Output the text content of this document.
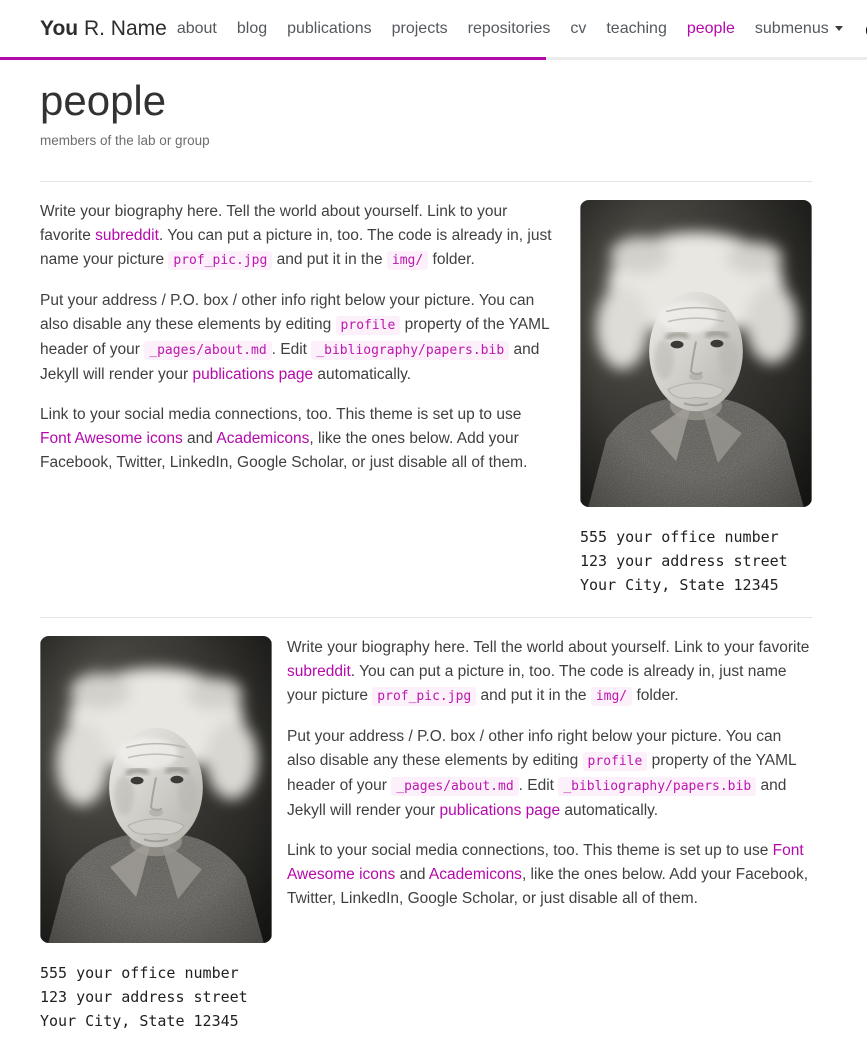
You R. Name about	blog	publications	projects	repositories	cv	teaching	people	submenus
people

members of the lab or group

Write your biography here. Tell the world about yourself. Link to your favorite subreddit. You can put a picture in, too. The code is already in, just name your picture prof_pic.jpg and put it in the img/ folder.

Put your address / P.O. box / other info right below your picture. You can also disable any these elements by editing profile property of the YAML header of your _pages/about.md . Edit _bibliography/papers.bib and Jekyll will render your publications page automatically.

Link to your social media connections, too. This theme is set up to use Font Awesome icons and Academicons, like the ones below. Add your Facebook, Twitter, LinkedIn, Google Scholar, or just disable all of them.

555 your office number
123 your address street
Your City, State 12345
555 your office number
123 your address street
Your City, State 12345

Write your biography here. Tell the world about yourself. Link to your favorite subreddit. You can put a picture in, too. The code is already in, just name your picture prof_pic.jpg and put it in the img/ folder.

Put your address / P.O. box / other info right below your picture. You can also disable any these elements by editing profile property of the YAML header of your _pages/about.md . Edit _bibliography/papers.bib and Jekyll will render your publications page automatically.

Link to your social media connections, too. This theme is set up to use Font Awesome icons and Academicons, like the ones below. Add your Facebook, Twitter, LinkedIn, Google Scholar, or just disable all of them.
